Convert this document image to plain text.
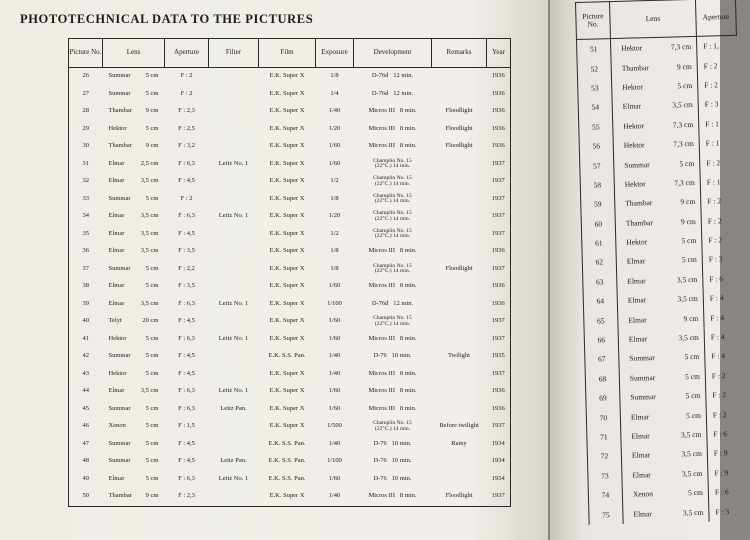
PHOTOTECHNICAL DATA TO THE PICTURES
Picture No.	Lens	Aperture	Filter	Film	Exposure	Development	Remarks	Year
26	Summar 5 cm	F : 2		E.K. Super X	1/8	D-76d 12 min.		1936
27	Summar 5 cm	F : 2		E.K. Super X	1/4	D-76d 12 min.		1936
28	Thambar 9 cm	F : 2,3		E.K. Super X	1/40	Micros III 8 min.	Floodlight	1936
29	Hektor 5 cm	F : 2,5		E.K. Super X	1/20	Micros III 8 min.	Floodlight	1936
30	Thambar 9 cm	F : 3,2		E.K. Super X	1/60	Micros III 8 min.	Floodlight	1936
31	Elmar 2,5 cm	F : 6,3	Leitz No. 1	E.K. Super X	1/60	Champlin No. 15
(22°C.) 14 min.		1937
32	Elmar 3,5 cm	F : 4,5		E.K. Super X	1/2	Champlin No. 15
(22°C.) 14 min.		1937
33	Summar 5 cm	F : 2		E.K. Super X	1/8	Champlin No. 15
(22°C.) 14 min.		1937
34	Elmar 3,5 cm	F : 6,3	Leitz No. 1	E.K. Super X	1/20	Champlin No. 15
(22°C.) 14 min.		1937
35	Elmar 3,5 cm	F : 4,5		E.K. Super X	1/2	Champlin No. 15
(22°C.) 14 min.		1937
36	Elmar 3,5 cm	F : 3,5		E.K. Super X	1/8	Micros III 8 min.		1936
37	Summar 5 cm	F : 2,2		E.K. Super X	1/8	Champlin No. 15
(22°C.) 14 min.	Floodlight	1937
38	Elmar 5 cm	F : 3,5		E.K. Super X	1/60	Micros III 8 min.		1936
39	Elmar 3,5 cm	F : 6,3	Leitz No. 1	E.K. Super X	1/100	D-76d 12 min.		1936
40	Telyt 20 cm	F : 4,5		E.K. Super X	1/60	Champlin No. 15
(22°C.) 14 min.		1937
41	Hektor 5 cm	F : 6,3	Leitz No. 1	E.K. Super X	1/60	Micros III 8 min.		1937
42	Summar 5 cm	F : 4,5		E.K. S.S. Pan.	1/40	D-76 10 min.	Twilight	1935
43	Hektor 5 cm	F : 4,5		E.K. Super X	1/40	Micros III 8 min.		1937
44	Elmar 3,5 cm	F : 6,3	Leitz No. 1	E.K. Super X	1/60	Micros III 8 min.		1936
45	Summar 5 cm	F : 6,3	Leitz Pan.	E.K. Super X	1/60	Micros III 8 min.		1936
46	Xenon 5 cm	F : 1,5		E.K. Super X	1/500	Champlin No. 15
(22°C.) 14 min.	Before twilight	1937
47	Summar 5 cm	F : 4,5		E.K. S.S. Pan.	1/40	D-76 10 min.	Rainy	1934
48	Summar 5 cm	F : 4,5	Leitz Pan.	E.K. S.S. Pan.	1/100	D-76 10 min.		1934
49	Elmar 5 cm	F : 6,3	Leitz No. 1	E.K. S.S. Pan.	1/60	D-76 10 min.		1934
50	Thambar 9 cm	F : 2,3		E.K. Super X	1/40	Micros III 8 min.	Floodlight	1937
Picture No.	Lens	Aperture
51	Hektor 7,3 cm	F : 1,
52	Thambar 9 cm	F : 2
53	Hektor 5 cm	F : 2
54	Elmar 3,5 cm	F : 3
55	Hektor 7,3 cm	F : 1
56	Hektor 7,3 cm	F : 1
57	Summar 5 cm	F : 2
58	Hektor 7,3 cm	F : 1
59	Thambar 9 cm	F : 2
60	Thambar 9 cm	F : 2
61	Hektor 5 cm	F : 2
62	Elmar 5 cm	F : 3
63	Elmar 3,5 cm	F : 6
64	Elmar 3,5 cm	F : 4
65	Elmar 9 cm	F : 4
66	Elmar 3,5 cm	F : 4
67	Summar 5 cm	F : 4
68	Summar 5 cm	F : 2
69	Summar 5 cm	F : 2
70	Elmar 5 cm	F : 2
71	Elmar 3,5 cm	F : 6
72	Elmar 3,5 cm	F : 9
73	Elmar 3,5 cm	F : 9
74	Xenon 5 cm	F : 6
75	Elmar 3,5 cm	F : 3
